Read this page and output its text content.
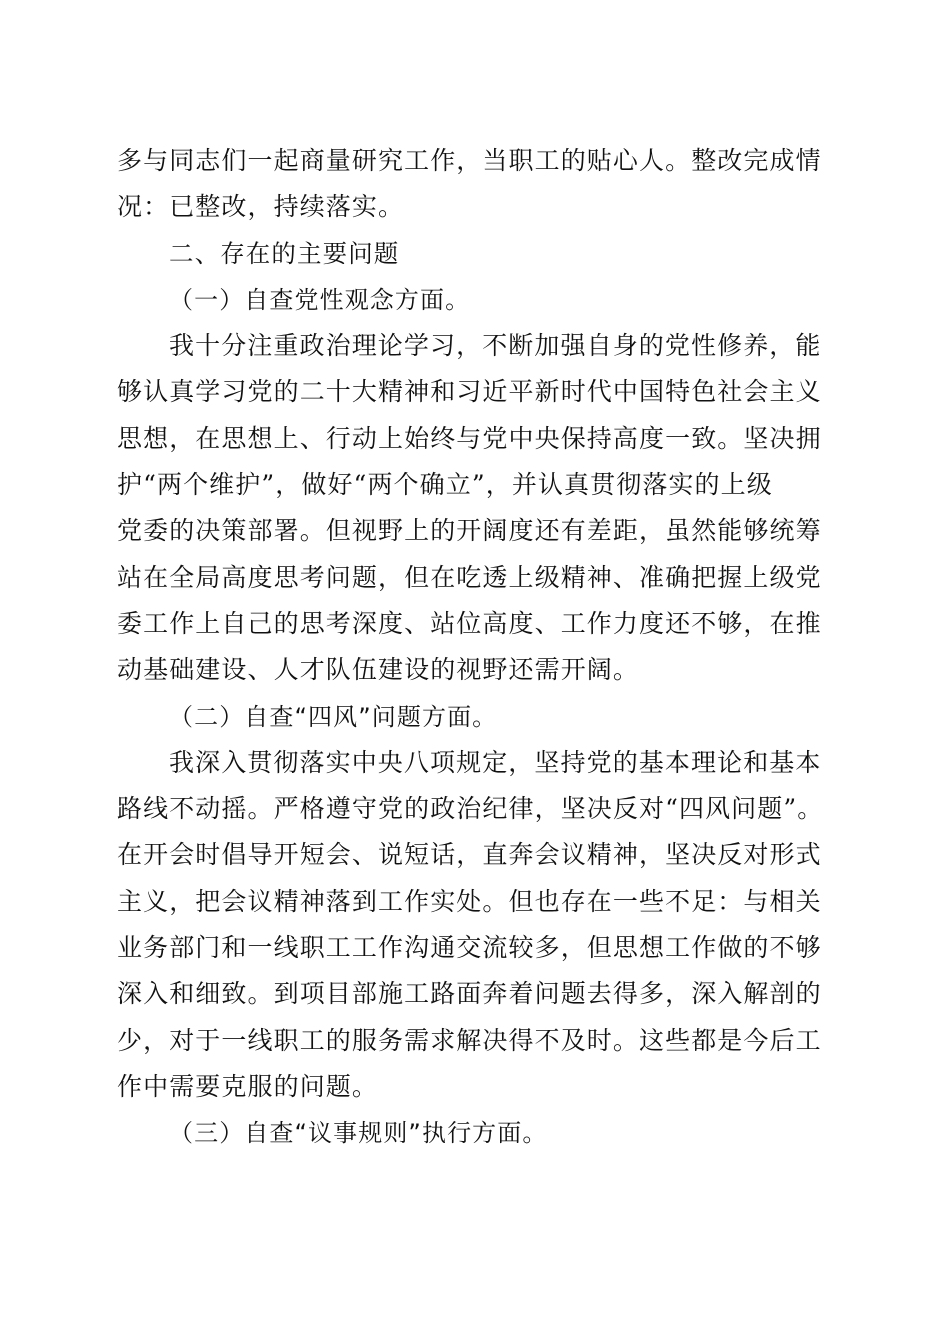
多与同志们一起商量研究工作，当职工的贴心人。整改完成情
况：已整改，持续落实。
二、存在的主要问题
（一）自查党性观念方面。
我十分注重政治理论学习，不断加强自身的党性修养，能
够认真学习党的二十大精神和习近平新时代中国特色社会主义
思想，在思想上、行动上始终与党中央保持高度一致。坚决拥
护“两个维护”，做好“两个确立”，并认真贯彻落实的上级
党委的决策部署。但视野上的开阔度还有差距，虽然能够统筹
站在全局高度思考问题，但在吃透上级精神、准确把握上级党
委工作上自己的思考深度、站位高度、工作力度还不够，在推
动基础建设、人才队伍建设的视野还需开阔。
（二）自查“四风”问题方面。
我深入贯彻落实中央八项规定，坚持党的基本理论和基本
路线不动摇。严格遵守党的政治纪律，坚决反对“四风问题”。
在开会时倡导开短会、说短话，直奔会议精神，坚决反对形式
主义，把会议精神落到工作实处。但也存在一些不足：与相关
业务部门和一线职工工作沟通交流较多，但思想工作做的不够
深入和细致。到项目部施工路面奔着问题去得多，深入解剖的
少，对于一线职工的服务需求解决得不及时。这些都是今后工
作中需要克服的问题。
（三）自查“议事规则”执行方面。
